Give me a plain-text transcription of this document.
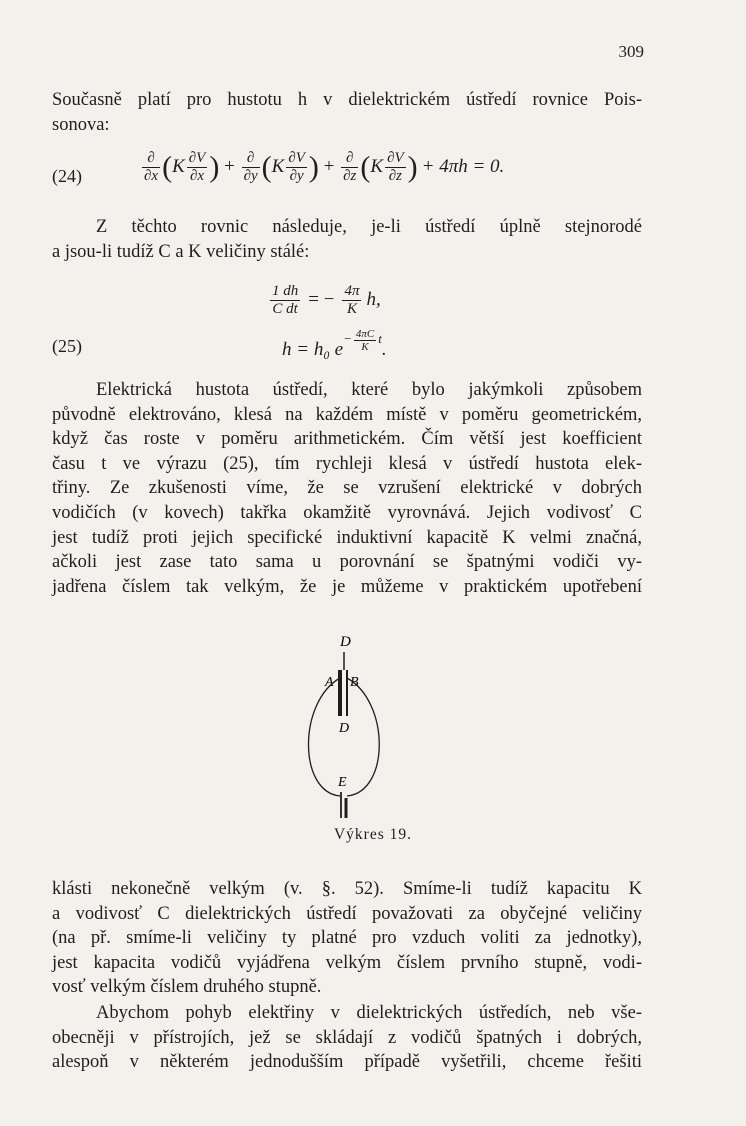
309
Současně platí pro hustotu h v dielektrickém ústředí rovnice Pois-
sonova:
(24)	$\frac{\partial}{\partial x} (K \frac{\partial V}{\partial x}$ ) + $\frac{\partial}{\partial y} (K \frac{\partial V}{\partial y}$ ) + $\frac{\partial}{\partial z} (K \frac{\partial V}{\partial z}$ ) + 4πh = 0.
Z těchto rovnic následuje, je-li ústředí úplně stejnorodé
a jsou-li tudíž C a K veličiny stálé:
$\frac{1 dh}{\text{C dt}}$ = − $\frac{4\pi}{K} h$,
(25)	h = h₀ $e^{- \frac{4\pi C}{K} t}$.
Elektrická hustota ústředí, které bylo jakýmkoli způsobem
původně elektrováno, klesá na každém místě v poměru geometrickém,
když čas roste v poměru arithmetickém. Čím větší jest koefficient
času t ve výrazu (25), tím rychleji klesá v ústředí hustota elek-
třiny. Ze zkušenosti víme, že se vzrušení elektrické v dobrých
vodičích (v kovech) takřka okamžitě vyrovnává. Jejich vodivosť C
jest tudíž proti jejich specifické induktivní kapacitě K velmi značná,
ačkoli jest zase tato sama u porovnání se špatnými vodiči vy-
jadřena číslem tak velkým, že je můžeme v praktickém upotřebení
D
A B
D
E
Výkres 19.
klásti nekonečně velkým (v. §. 52). Smíme-li tudíž kapacitu K
a vodivosť C dielektrických ústředí považovati za obyčejné veličiny
(na př. smíme-li veličiny ty platné pro vzduch voliti za jednotky),
jest kapacita vodičů vyjádřena velkým číslem prvního stupně, vodi-
vosť velkým číslem druhého stupně.
Abychom pohyb elektřiny v dielektrických ústředích, neb vše-
obecněji v přístrojích, jež se skládají z vodičů špatných i dobrých,
alespoň v některém jednodušším případě vyšetřili, chceme řešiti
